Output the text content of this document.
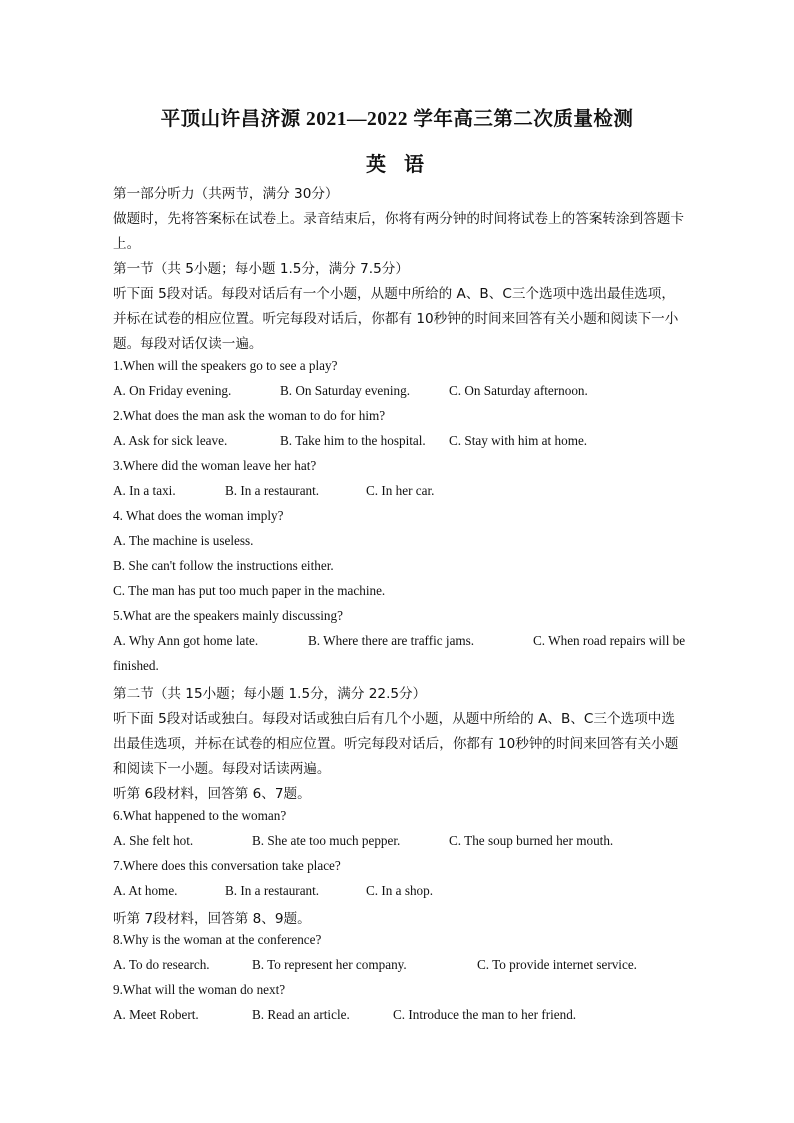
平顶山许昌济源 2021—2022 学年高三第二次质量检测
英语
第一部分听力（共两节，满分 30分）
做题时，先将答案标在试卷上。录音结束后，你将有两分钟的时间将试卷上的答案转涂到答题卡
上。
第一节（共 5小题；每小题 1.5分，满分 7.5分）
听下面 5段对话。每段对话后有一个小题，从题中所给的 A、B、C三个选项中选出最佳选项，
并标在试卷的相应位置。听完每段对话后，你都有 10秒钟的时间来回答有关小题和阅读下一小
题。每段对话仅读一遍。
1.When will the speakers go to see a play?
A. On Friday evening.	B. On Saturday evening.	C. On Saturday afternoon.
2.What does the man ask the woman to do for him?
A. Ask for sick leave.	B. Take him to the hospital. C. Stay with him at home.
3.Where did the woman leave her hat?
A. In a taxi.	B. In a restaurant.	C. In her car.
4. What does the woman imply?
A. The machine is useless.
B. She can't follow the instructions either.
C. The man has put too much paper in the machine.
5.What are the speakers mainly discussing?
A. Why Ann got home late.	B. Where there are traffic jams.	C. When road repairs will be
finished.
第二节（共 15小题；每小题 1.5分，满分 22.5分）
听下面 5段对话或独白。每段对话或独白后有几个小题，从题中所给的 A、B、C三个选项中选
出最佳选项，并标在试卷的相应位置。听完每段对话后，你都有 10秒钟的时间来回答有关小题
和阅读下一小题。每段对话读两遍。
听第 6段材料，回答第 6、7题。
6.What happened to the woman?
A. She felt hot.	B. She ate too much pepper.	C. The soup burned her mouth.
7.Where does this conversation take place?
A. At home.	B. In a restaurant.	C. In a shop.
听第 7段材料，回答第 8、9题。
8.Why is the woman at the conference?
A. To do research.	B. To represent her company.	C. To provide internet service.
9.What will the woman do next?
A. Meet Robert.	B. Read an article.	C. Introduce the man to her friend.
